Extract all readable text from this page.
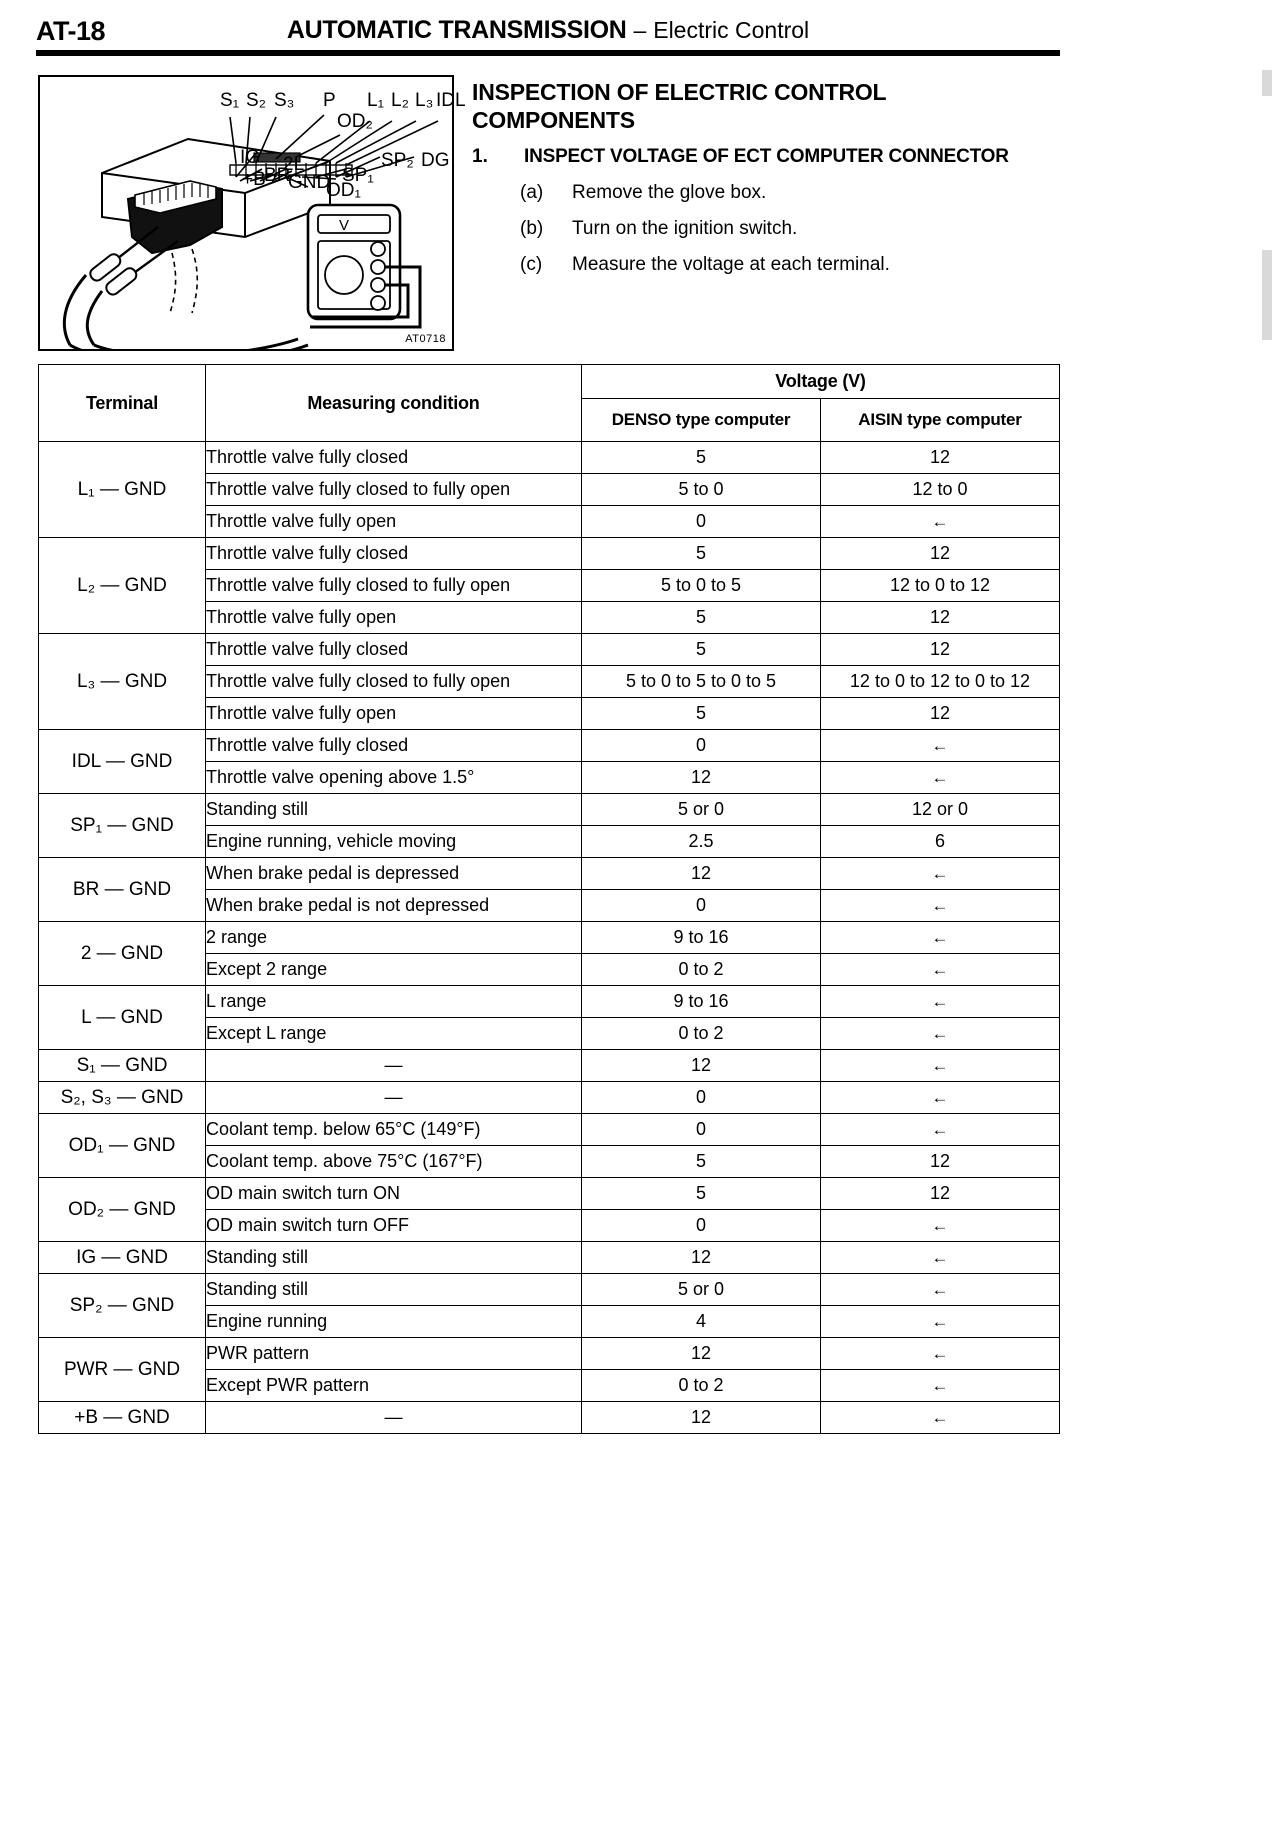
AT-18	AUTOMATIC TRANSMISSION – Electric Control
V
AT0718
S₁ S₂ S₃ P
OD₂
L₁ L₂ L₃ IDL
IG 2L
+B
BR
GND SP₁
OD₁
SP₂ DG
INSPECTION OF ELECTRIC CONTROL
COMPONENTS
1. INSPECT VOLTAGE OF ECT COMPUTER CONNECTOR
(a) Remove the glove box.
(b) Turn on the ignition switch.
(c) Measure the voltage at each terminal.
Terminal	Measuring condition	Voltage (V)	
		DENSO type computer	AISIN type computer
L₁ — GND	Throttle valve fully closed	5	12
	Throttle valve fully closed to fully open	5 to 0	12 to 0
	Throttle valve fully open	0	←
L₂ — GND	Throttle valve fully closed	5	12
	Throttle valve fully closed to fully open	5 to 0 to 5	12 to 0 to 12
	Throttle valve fully open	5	12
L₃ — GND	Throttle valve fully closed	5	12
	Throttle valve fully closed to fully open	5 to 0 to 5 to 0 to 5	12 to 0 to 12 to 0 to 12
	Throttle valve fully open	5	12
IDL — GND	Throttle valve fully closed	0	←
	Throttle valve opening above 1.5°	12	←
SP₁ — GND	Standing still	5 or 0	12 or 0
	Engine running, vehicle moving	2.5	6
BR — GND	When brake pedal is depressed	12	←
	When brake pedal is not depressed	0	←
2 — GND	2 range	9 to 16	←
	Except 2 range	0 to 2	←
L — GND	L range	9 to 16	←
	Except L range	0 to 2	←
S₁ — GND	—	12	←
S₂, S₃ — GND	—	0	←
OD₁ — GND	Coolant temp. below 65°C (149°F)	0	←
	Coolant temp. above 75°C (167°F)	5	12
OD₂ — GND	OD main switch turn ON	5	12
	OD main switch turn OFF	0	←
IG — GND	Standing still	12	←
SP₂ — GND	Standing still	5 or 0	←
	Engine running	4	←
PWR — GND	PWR pattern	12	←
	Except PWR pattern	0 to 2	←
+B — GND	—	12	←
